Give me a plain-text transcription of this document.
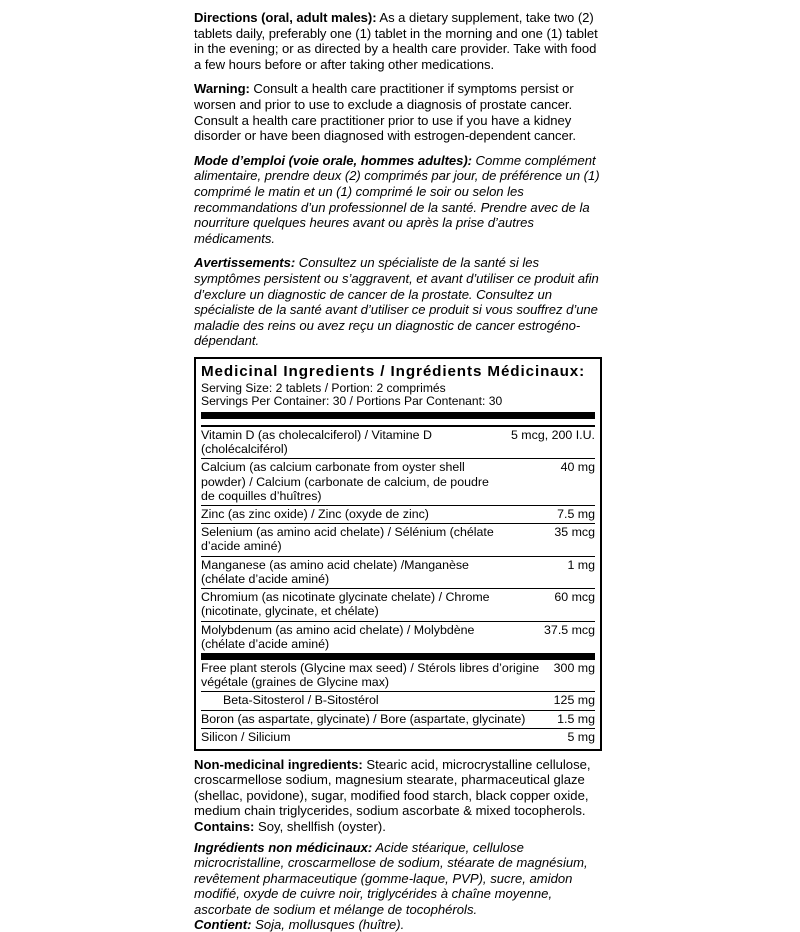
Directions (oral, adult males): As a dietary supplement, take two (2) tablets daily, preferably one (1) tablet in the morning and one (1) tablet in the evening; or as directed by a health care provider. Take with food a few hours before or after taking other medications.

Warning: Consult a health care practitioner if symptoms persist or worsen and prior to use to exclude a diagnosis of prostate cancer. Consult a health care practitioner prior to use if you have a kidney disorder or have been diagnosed with estrogen-dependent cancer.

Mode d’emploi (voie orale, hommes adultes): Comme complément alimentaire, prendre deux (2) comprimés par jour, de préférence un (1) comprimé le matin et un (1) comprimé le soir ou selon les recommandations d’un professionnel de la santé. Prendre avec de la nourriture quelques heures avant ou après la prise d’autres médicaments.

Avertissements: Consultez un spécialiste de la santé si les symptômes persistent ou s’aggravent, et avant d’utiliser ce produit afin d’exclure un diagnostic de cancer de la prostate. Consultez un spécialiste de la santé avant d’utiliser ce produit si vous souffrez d’une maladie des reins ou avez reçu un diagnostic de cancer estrogéno-dépendant.

Medicinal Ingredients / Ingrédients Médicinaux:
Serving Size: 2 tablets / Portion: 2 comprimés
Servings Per Container: 30 / Portions Par Contenant: 30
Vitamin D (as cholecalciferol) / Vitamine D (cholécalciférol)	5 mcg, 200 I.U.
Calcium (as calcium carbonate from oyster shell powder) / Calcium (carbonate de calcium, de poudre de coquilles d’huîtres)	40 mg
Zinc (as zinc oxide) / Zinc (oxyde de zinc)	7.5 mg
Selenium (as amino acid chelate) / Sélénium (chélate d’acide aminé)	35 mcg
Manganese (as amino acid chelate) /Manganèse (chélate d’acide aminé)	1 mg
Chromium (as nicotinate glycinate chelate) / Chrome (nicotinate, glycinate, et chélate)	60 mcg
Molybdenum (as amino acid chelate) / Molybdène (chélate d’acide aminé)	37.5 mcg
Free plant sterols (Glycine max seed) / Stérols libres d’origine végétale (graines de Glycine max)	300 mg
Beta-Sitosterol / B-Sitostérol	125 mg
Boron (as aspartate, glycinate) / Bore (aspartate, glycinate)	1.5 mg
Silicon / Silicium	5 mg

Non-medicinal ingredients: Stearic acid, microcrystalline cellulose, croscarmellose sodium, magnesium stearate, pharmaceutical glaze (shellac, povidone), sugar, modified food starch, black copper oxide, medium chain triglycerides, sodium ascorbate & mixed tocopherols.

Contains: Soy, shellfish (oyster).

Ingrédients non médicinaux: Acide stéarique, cellulose microcristalline, croscarmellose de sodium, stéarate de magnésium, revêtement pharmaceutique (gomme-laque, PVP), sucre, amidon modifié, oxyde de cuivre noir, triglycérides à chaîne moyenne, ascorbate de sodium et mélange de tocophérols.

Contient: Soja, mollusques (huître).
